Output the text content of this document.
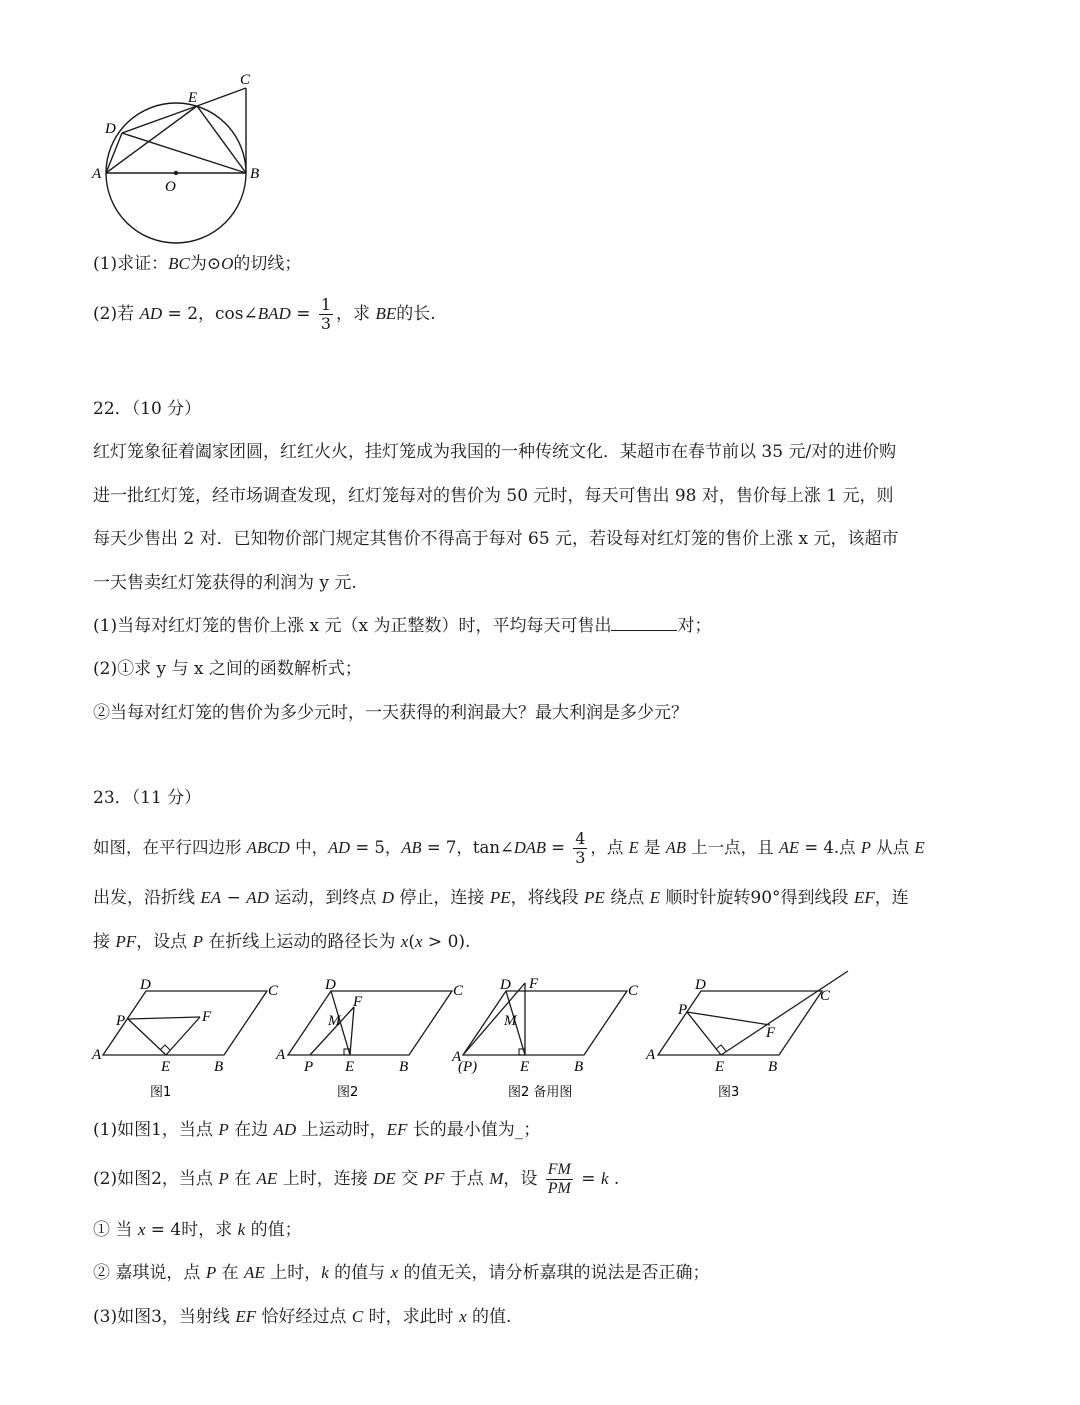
C
E
D
A
O
B
(1)求证：BC为⊙O的切线；
(2)若 AD = 2，cos∠BAD = $\frac{1}{3}$ ，求 BE的长.
22．（10 分）
红灯笼象征着阖家团圆，红红火火，挂灯笼成为我国的一种传统文化．某超市在春节前以 35 元/对的进价购
进一批红灯笼，经市场调查发现，红灯笼每对的售价为 50 元时，每天可售出 98 对，售价每上涨 1 元，则
每天少售出 2 对．已知物价部门规定其售价不得高于每对 65 元，若设每对红灯笼的售价上涨 x 元，该超市
一天售卖红灯笼获得的利润为 y 元.
(1)当每对红灯笼的售价上涨 x 元（x 为正整数）时，平均每天可售出	对；
(2)①求 y 与 x 之间的函数解析式；
②当每对红灯笼的售价为多少元时，一天获得的利润最大？最大利润是多少元？
23．（11 分）
如图，在平行四边形 ABCD 中，AD = 5，AB = 7，tan∠DAB = $\frac{4}{3}$ ，点 E 是 AB 上一点，且 AE = 4.点 P 从点 E
出发，沿折线 EA − AD 运动，到终点 D 停止，连接 PE，将线段 PE 绕点 E 顺时针旋转90°得到线段 EF，连
接 PF，设点 P 在折线上运动的路径长为 x(x > 0).
D	C
P	F
A
E	B
图1
D	C
F
M
A
P E	B
图2
D F	C
M
A
(P)	E	B
图2 备用图
D
C
P
F
A
E	B
图3
(1)如图1，当点 P 在边 AD 上运动时，EF 长的最小值为_；
(2)如图2，当点 P 在 AE 上时，连接 DE 交 PF 于点 M，设 $\frac{FM}{PM} = k$ .
① 当 x = 4时，求 k 的值；
② 嘉琪说，点 P 在 AE 上时，k 的值与 x 的值无关，请分析嘉琪的说法是否正确；
(3)如图3，当射线 EF 恰好经过点 C 时，求此时 x 的值.
